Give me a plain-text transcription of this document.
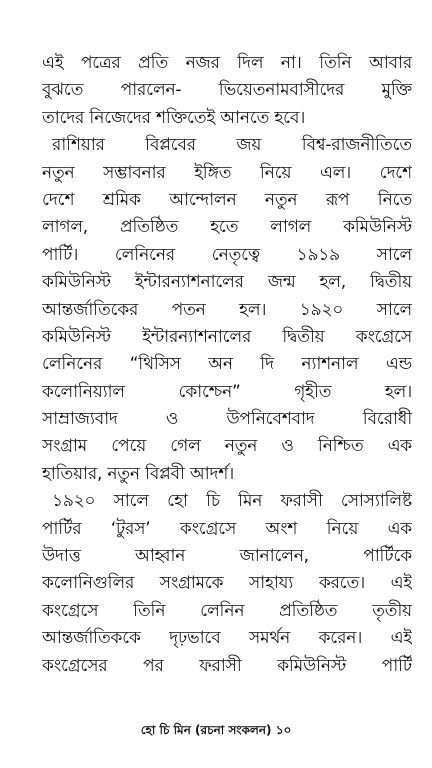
এই পত্রের প্রতি নজর দিল না। তিনি আবার
বুঝতে পারলেন- ভিয়েতনামবাসীদের মুক্তি
তাদের নিজেদের শক্তিতেই আনতে হবে।
রাশিয়ার বিপ্লবের জয় বিশ্ব-রাজনীতিতে
নতুন সম্ভাবনার ইঙ্গিত নিয়ে এল। দেশে
দেশে শ্রমিক আন্দোলন নতুন রূপ নিতে
লাগল, প্রতিষ্ঠিত হতে লাগল কমিউনিস্ট
পার্টি। লেনিনের নেতৃত্বে ১৯১৯ সালে
কমিউনিস্ট ইন্টারন্যাশনালের জন্ম হল, দ্বিতীয়
আন্তর্জাতিকের পতন হল। ১৯২০ সালে
কমিউনিস্ট ইন্টারন্যাশনালের দ্বিতীয় কংগ্রেসে
লেনিনের “থিসিস অন দি ন্যাশনাল এন্ড
কলোনিয়্যাল কোশ্চেন” গৃহীত হল।
সাম্রাজ্যবাদ ও উপনিবেশবাদ বিরোধী
সংগ্রাম পেয়ে গেল নতুন ও নিশ্চিত এক
হাতিয়ার, নতুন বিপ্লবী আদর্শ।
১৯২০ সালে হো চি মিন ফরাসী সোস্যালিষ্ট
পার্টির ‘টুরস’ কংগ্রেসে অংশ নিয়ে এক
উদাত্ত আহ্বান জানালেন, পার্টিকে
কলোনিগুলির সংগ্রামকে সাহায্য করতে। এই
কংগ্রেসে তিনি লেনিন প্রতিষ্ঠিত তৃতীয়
আন্তর্জাতিককে দৃঢ়ভাবে সমর্থন করেন। এই
কংগ্রেসের পর ফরাসী কমিউনিস্ট পার্টি
হো চি মিন (রচনা সংকলন) ১০
